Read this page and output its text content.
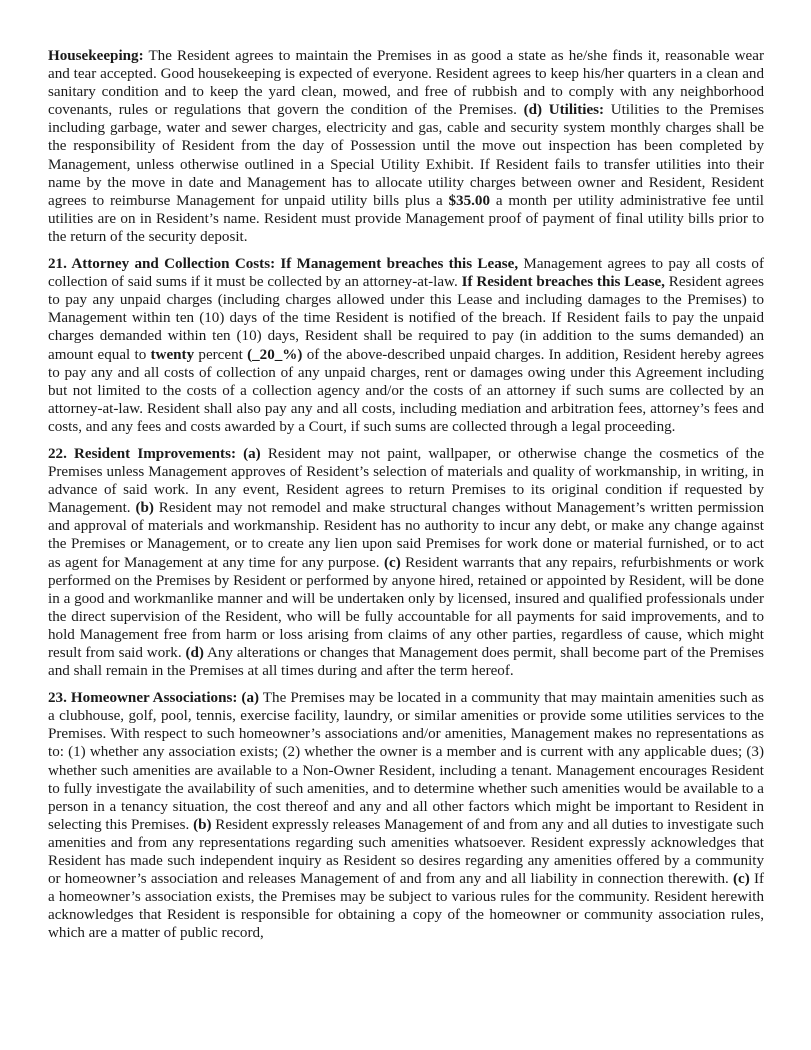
Housekeeping: The Resident agrees to maintain the Premises in as good a state as he/she finds it, reasonable wear and tear accepted. Good housekeeping is expected of everyone. Resident agrees to keep his/her quarters in a clean and sanitary condition and to keep the yard clean, mowed, and free of rubbish and to comply with any neighborhood covenants, rules or regulations that govern the condition of the Premises. (d) Utilities: Utilities to the Premises including garbage, water and sewer charges, electricity and gas, cable and security system monthly charges shall be the responsibility of Resident from the day of Possession until the move out inspection has been completed by Management, unless otherwise outlined in a Special Utility Exhibit. If Resident fails to transfer utilities into their name by the move in date and Management has to allocate utility charges between owner and Resident, Resident agrees to reimburse Management for unpaid utility bills plus a $35.00 a month per utility administrative fee until utilities are on in Resident’s name. Resident must provide Management proof of payment of final utility bills prior to the return of the security deposit.

21. Attorney and Collection Costs: If Management breaches this Lease, Management agrees to pay all costs of collection of said sums if it must be collected by an attorney-at-law. If Resident breaches this Lease, Resident agrees to pay any unpaid charges (including charges allowed under this Lease and including damages to the Premises) to Management within ten (10) days of the time Resident is notified of the breach. If Resident fails to pay the unpaid charges demanded within ten (10) days, Resident shall be required to pay (in addition to the sums demanded) an amount equal to twenty percent (_20_%) of the above-described unpaid charges. In addition, Resident hereby agrees to pay any and all costs of collection of any unpaid charges, rent or damages owing under this Agreement including but not limited to the costs of a collection agency and/or the costs of an attorney if such sums are collected by an attorney-at-law. Resident shall also pay any and all costs, including mediation and arbitration fees, attorney’s fees and costs, and any fees and costs awarded by a Court, if such sums are collected through a legal proceeding.

22. Resident Improvements: (a) Resident may not paint, wallpaper, or otherwise change the cosmetics of the Premises unless Management approves of Resident’s selection of materials and quality of workmanship, in writing, in advance of said work. In any event, Resident agrees to return Premises to its original condition if requested by Management. (b) Resident may not remodel and make structural changes without Management’s written permission and approval of materials and workmanship. Resident has no authority to incur any debt, or make any change against the Premises or Management, or to create any lien upon said Premises for work done or material furnished, or to act as agent for Management at any time for any purpose. (c) Resident warrants that any repairs, refurbishments or work performed on the Premises by Resident or performed by anyone hired, retained or appointed by Resident, will be done in a good and workmanlike manner and will be undertaken only by licensed, insured and qualified professionals under the direct supervision of the Resident, who will be fully accountable for all payments for said improvements, and to hold Management free from harm or loss arising from claims of any other parties, regardless of cause, which might result from said work. (d) Any alterations or changes that Management does permit, shall become part of the Premises and shall remain in the Premises at all times during and after the term hereof.

23. Homeowner Associations: (a) The Premises may be located in a community that may maintain amenities such as a clubhouse, golf, pool, tennis, exercise facility, laundry, or similar amenities or provide some utilities services to the Premises. With respect to such homeowner’s associations and/or amenities, Management makes no representations as to: (1) whether any association exists; (2) whether the owner is a member and is current with any applicable dues; (3) whether such amenities are available to a Non-Owner Resident, including a tenant. Management encourages Resident to fully investigate the availability of such amenities, and to determine whether such amenities would be available to a person in a tenancy situation, the cost thereof and any and all other factors which might be important to Resident in selecting this Premises. (b) Resident expressly releases Management of and from any and all duties to investigate such amenities and from any representations regarding such amenities whatsoever. Resident expressly acknowledges that Resident has made such independent inquiry as Resident so desires regarding any amenities offered by a community or homeowner’s association and releases Management of and from any and all liability in connection therewith. (c) If a homeowner’s association exists, the Premises may be subject to various rules for the community. Resident herewith acknowledges that Resident is responsible for obtaining a copy of the homeowner or community association rules, which are a matter of public record,
